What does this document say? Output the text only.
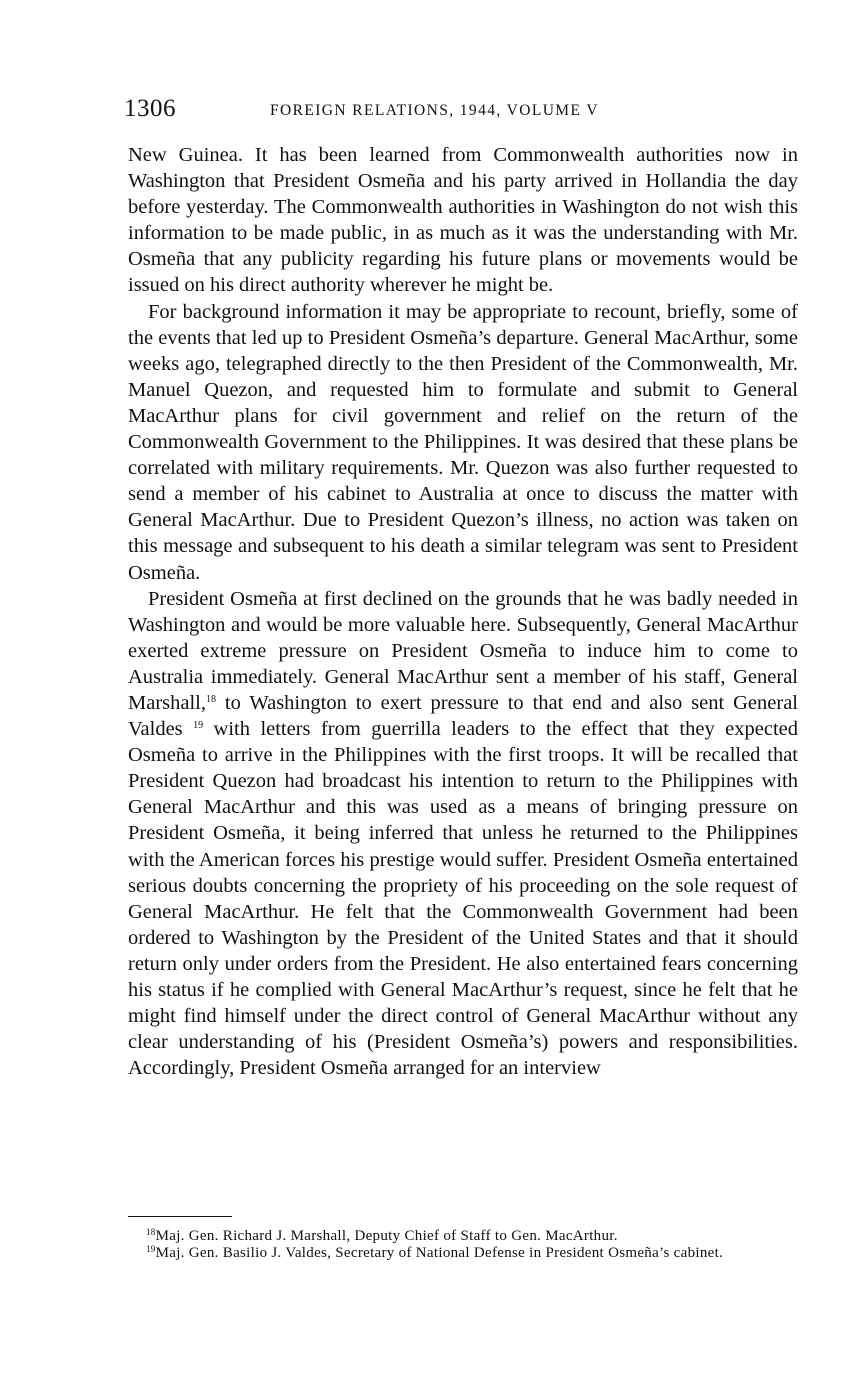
1306	FOREIGN RELATIONS, 1944, VOLUME V

New Guinea. It has been learned from Commonwealth authorities now in Washington that President Osmeña and his party arrived in Hollandia the day before yesterday. The Commonwealth authorities in Washington do not wish this information to be made public, in as much as it was the understanding with Mr. Osmeña that any publicity regarding his future plans or movements would be issued on his direct authority wherever he might be.

For background information it may be appropriate to recount, briefly, some of the events that led up to President Osmeña’s departure. General MacArthur, some weeks ago, telegraphed directly to the then President of the Commonwealth, Mr. Manuel Quezon, and requested him to formulate and submit to General MacArthur plans for civil government and relief on the return of the Commonwealth Government to the Philippines. It was desired that these plans be correlated with military requirements. Mr. Quezon was also further requested to send a member of his cabinet to Australia at once to discuss the matter with General MacArthur. Due to President Quezon’s illness, no action was taken on this message and subsequent to his death a similar telegram was sent to President Osmeña.

President Osmeña at first declined on the grounds that he was badly needed in Washington and would be more valuable here. Subsequently, General MacArthur exerted extreme pressure on President Osmeña to induce him to come to Australia immediately. General MacArthur sent a member of his staff, General Marshall,$^{18}$ to Washington to exert pressure to that end and also sent General Valdes $^{19}$ with letters from guerrilla leaders to the effect that they expected Osmeña to arrive in the Philippines with the first troops. It will be recalled that President Quezon had broadcast his intention to return to the Philippines with General MacArthur and this was used as a means of bringing pressure on President Osmeña, it being inferred that unless he returned to the Philippines with the American forces his prestige would suffer. President Osmeña entertained serious doubts concerning the propriety of his proceeding on the sole request of General MacArthur. He felt that the Commonwealth Government had been ordered to Washington by the President of the United States and that it should return only under orders from the President. He also entertained fears concerning his status if he complied with General MacArthur’s request, since he felt that he might find himself under the direct control of General MacArthur without any clear understanding of his (President Osmeña’s) powers and responsibilities. Accordingly, President Osmeña arranged for an interview

$^{18}$Maj. Gen. Richard J. Marshall, Deputy Chief of Staff to Gen. MacArthur.

$^{19}$Maj. Gen. Basilio J. Valdes, Secretary of National Defense in President Osmeña’s cabinet.
